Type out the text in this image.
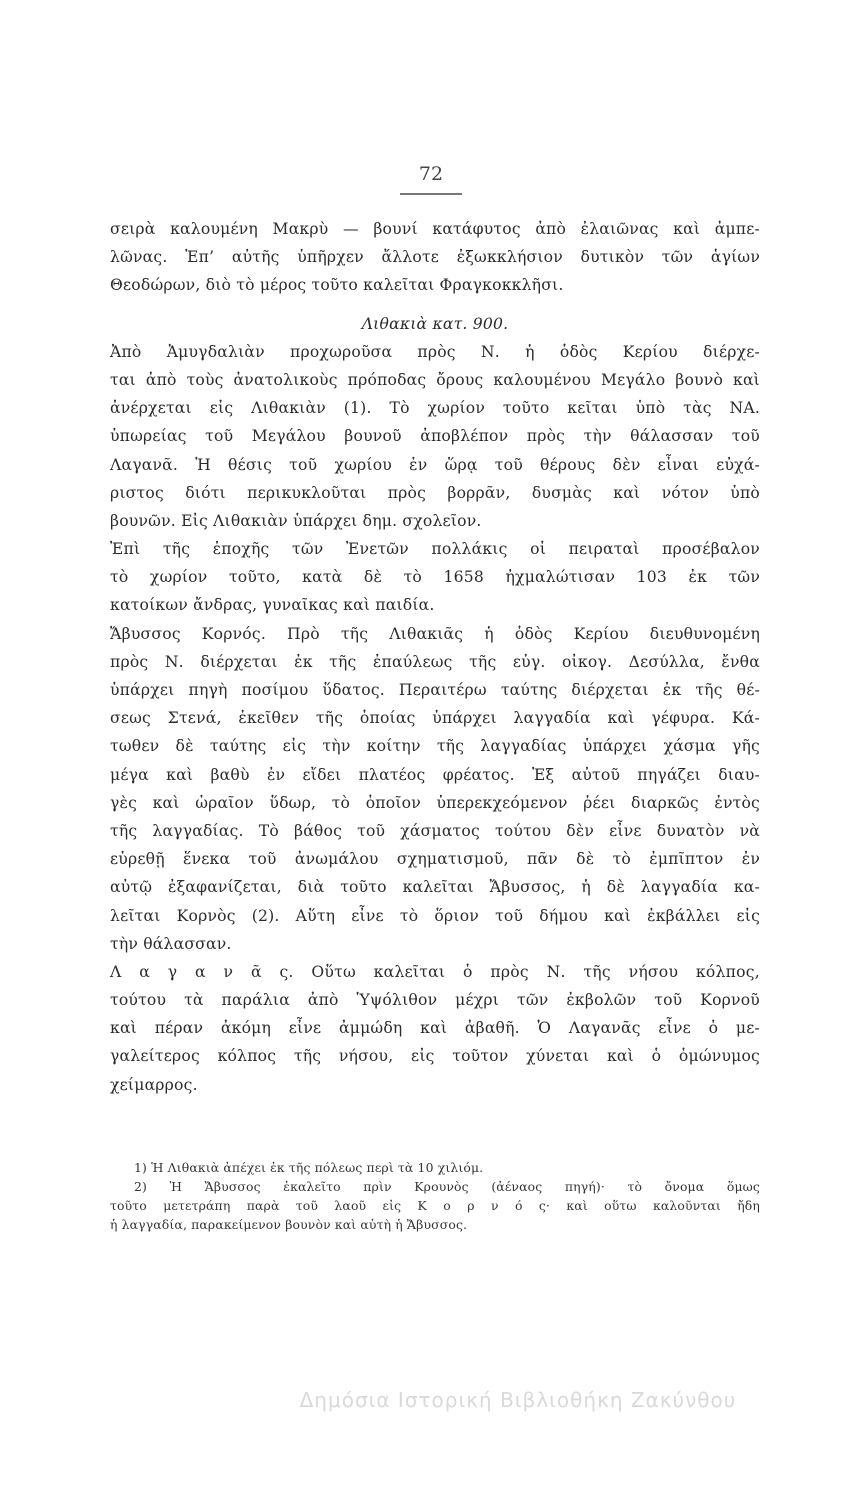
72
σειρὰ καλουμένη Μακρὺ — βουνί κατάφυτος ἀπὸ ἐλαιῶνας καὶ ἀμπε-
λῶνας. Ἐπ’ αὐτῆς ὑπῆρχεν ἄλλοτε ἐξωκκλήσιον δυτικὸν τῶν ἁγίων
Θεοδώρων, διὸ τὸ μέρος τοῦτο καλεῖται Φραγκοκκλῆσι.
Λιθακιὰ κατ. 900.
Ἀπὸ Ἀμυγδαλιὰν προχωροῦσα πρὸς Ν. ἡ ὁδὸς Κερίου διέρχε-
ται ἀπὸ τοὺς ἀνατολικοὺς πρόποδας ὄρους καλουμένου Μεγάλο βουνὸ καὶ
ἀνέρχεται εἰς Λιθακιὰν (1). Τὸ χωρίον τοῦτο κεῖται ὑπὸ τὰς ΝΑ.
ὑπωρείας τοῦ Μεγάλου βουνοῦ ἀποβλέπον πρὸς τὴν θάλασσαν τοῦ
Λαγανᾶ. Ἡ θέσις τοῦ χωρίου ἐν ὥρᾳ τοῦ θέρους δὲν εἶναι εὐχά-
ριστος διότι περικυκλοῦται πρὸς βορρᾶν, δυσμὰς καὶ νότον ὑπὸ
βουνῶν. Εἰς Λιθακιὰν ὑπάρχει δημ. σχολεῖον.
Ἐπὶ τῆς ἐποχῆς τῶν Ἐνετῶν πολλάκις οἱ πειραταὶ προσέβαλον
τὸ χωρίον τοῦτο, κατὰ δὲ τὸ 1658 ἠχμαλώτισαν 103 ἐκ τῶν
κατοίκων ἄνδρας, γυναῖκας καὶ παιδία.
Ἄβυσσος Κορνός. Πρὸ τῆς Λιθακιᾶς ἡ ὁδὸς Κερίου διευθυνομένη
πρὸς Ν. διέρχεται ἐκ τῆς ἐπαύλεως τῆς εὐγ. οἰκογ. Δεσύλλα, ἔνθα
ὑπάρχει πηγὴ ποσίμου ὕδατος. Περαιτέρω ταύτης διέρχεται ἐκ τῆς θέ-
σεως Στενά, ἐκεῖθεν τῆς ὁποίας ὑπάρχει λαγγαδία καὶ γέφυρα. Κά-
τωθεν δὲ ταύτης εἰς τὴν κοίτην τῆς λαγγαδίας ὑπάρχει χάσμα γῆς
μέγα καὶ βαθὺ ἐν εἴδει πλατέος φρέατος. Ἐξ αὐτοῦ πηγάζει διαυ-
γὲς καὶ ὡραῖον ὕδωρ, τὸ ὁποῖον ὑπερεκχεόμενον ῥέει διαρκῶς ἐντὸς
τῆς λαγγαδίας. Τὸ βάθος τοῦ χάσματος τούτου δὲν εἶνε δυνατὸν νὰ
εὑρεθῇ ἕνεκα τοῦ ἀνωμάλου σχηματισμοῦ, πᾶν δὲ τὸ ἐμπῖπτον ἐν
αὐτῷ ἐξαφανίζεται, διὰ τοῦτο καλεῖται Ἄβυσσος, ἡ δὲ λαγγαδία κα-
λεῖται Κορνὸς (2). Αὕτη εἶνε τὸ ὅριον τοῦ δήμου καὶ ἐκβάλλει εἰς
τὴν θάλασσαν.
Λ α γ α ν ᾶ ς. Οὕτω καλεῖται ὁ πρὸς Ν. τῆς νήσου κόλπος,
τούτου τὰ παράλια ἀπὸ Ὑψόλιθον μέχρι τῶν ἐκβολῶν τοῦ Κορνοῦ
καὶ πέραν ἀκόμη εἶνε ἀμμώδη καὶ ἀβαθῆ. Ὁ Λαγανᾶς εἶνε ὁ με-
γαλείτερος κόλπος τῆς νήσου, εἰς τοῦτον χύνεται καὶ ὁ ὁμώνυμος
χείμαρρος.
1) Ἡ Λιθακιὰ ἀπέχει ἐκ τῆς πόλεως περὶ τὰ 10 χιλιόμ.
2) Ἡ Ἄβυσσος ἐκαλεῖτο πρὶν Κρουνὸς (ἀέναος πηγή)· τὸ ὄνομα ὅμως
τοῦτο μετετράπη παρὰ τοῦ λαοῦ εἰς Κ ο ρ ν ό ς· καὶ οὕτω καλοῦνται ἤδη
ἡ λαγγαδία, παρακείμενον βουνὸν καὶ αὐτὴ ἡ Ἄβυσσος.
Δημόσια Ιστορική Βιβλιοθήκη Ζακύνθου
